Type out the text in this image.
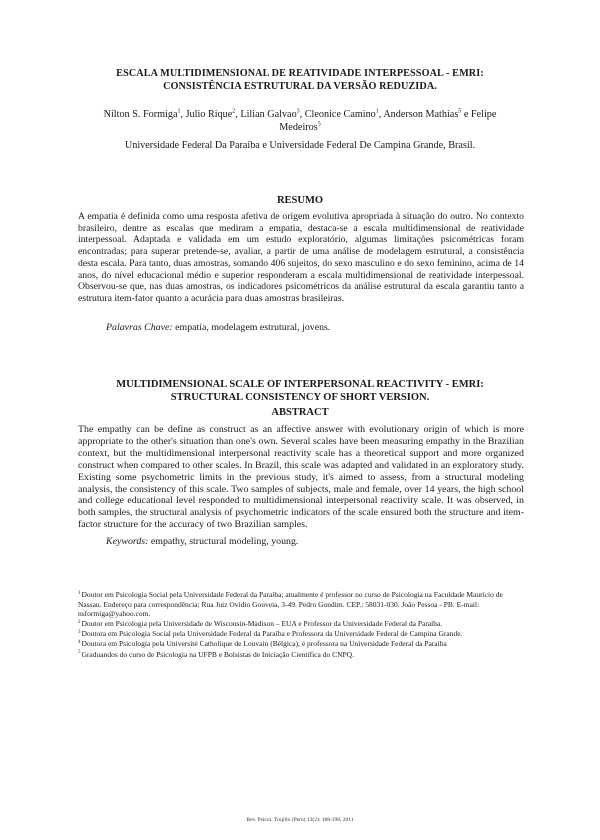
ESCALA MULTIDIMENSIONAL DE REATIVIDADE INTERPESSOAL - EMRI:
CONSISTÊNCIA ESTRUTURAL DA VERSÃO REDUZIDA.
Nilton S. Formiga$^1$, Julio Rique$^2$, Lilian Galvao$^3$, Cleonice Camino$^1$, Anderson Mathias$^5$ e Felipe Medeiros$^5$
Universidade Federal Da Paraiba e Universidade Federal De Campina Grande, Brasil.
RESUMO

A empatia é definida como uma resposta afetiva de origem evolutiva apropriada à situação do outro. No contexto brasileiro, dentre as escalas que mediram a empatia, destaca-se a escala multidimensional de reatividade interpessoal. Adaptada e validada em um estudo exploratório, algumas limitações psicométricas foram encontradas; para superar pretende-se, avaliar, a partir de uma análise de modelagem estrutural, a consistência desta escala. Para tanto, duas amostras, somando 406 sujeitos, do sexo masculino e do sexo feminino, acima de 14 anos, do nível educacional médio e superior responderam a escala multidimensional de reatividade interpessoal. Observou-se que, nas duas amostras, os indicadores psicométricos da análise estrutural da escala garantiu tanto a estrutura item-fator quanto a acurácia para duas amostras brasileiras.

Palavras Chave: empatía, modelagem estrutural, jovens.
MULTIDIMENSIONAL SCALE OF INTERPERSONAL REACTIVITY - EMRI:
STRUCTURAL CONSISTENCY OF SHORT VERSION.
ABSTRACT

The empathy can be define as construct as an affective answer with evolutionary origin of which is more appropriate to the other's situation than one's own. Several scales have been measuring empathy in the Brazilian context, but the multidimensional interpersonal reactivity scale has a theoretical support and more organized construct when compared to other scales. In Brazil, this scale was adapted and validated in an exploratory study. Existing some psychometric limits in the previous study, it's aimed to assess, from a structural modeling analysis, the consistency of this scale. Two samples of subjects, male and female, over 14 years, the high school and college educational level responded to multidimensional interpersonal reactivity scale. It was observed, in both samples, the structural analysis of psychometric indicators of the scale ensured both the structure and item-factor structure for the accuracy of two Brazilian samples.

Keywords: empathy, structural modeling, young.
$^1$Doutor em Psicologia Social pela Universidade Federal da Paraíba; atualmente é professor no curso de Psicologia na Faculdade Maurício de Nassau. Endereço para correspondência: Rua Juiz Ovidio Gouveia, 3-49. Pedro Gondim. CEP.: 58031-030. João Pessoa - PB. E-mail: nsformiga@yahoo.com.
$^2$Doutor em Psicologia pela Universidade de Wisconsin-Madison – EUA e Professor da Universidade Federal da Paraíba.
$^3$Doutora em Psicologia Social pela Universidade Federal da Paraíba e Professora da Universidade Federal de Campina Grande.
$^4$Doutora em Psicologia pela Université Catholique de Louvain (Bélgica), é professora na Universidade Federal da Paraiba
$^5$Graduandos do curso de Psicologia na UFPB e Bolsistas de Iniciação Científica do CNPQ.
Rev. Psicol. Trujillo (Perú) 13(2): 188-198, 2011
